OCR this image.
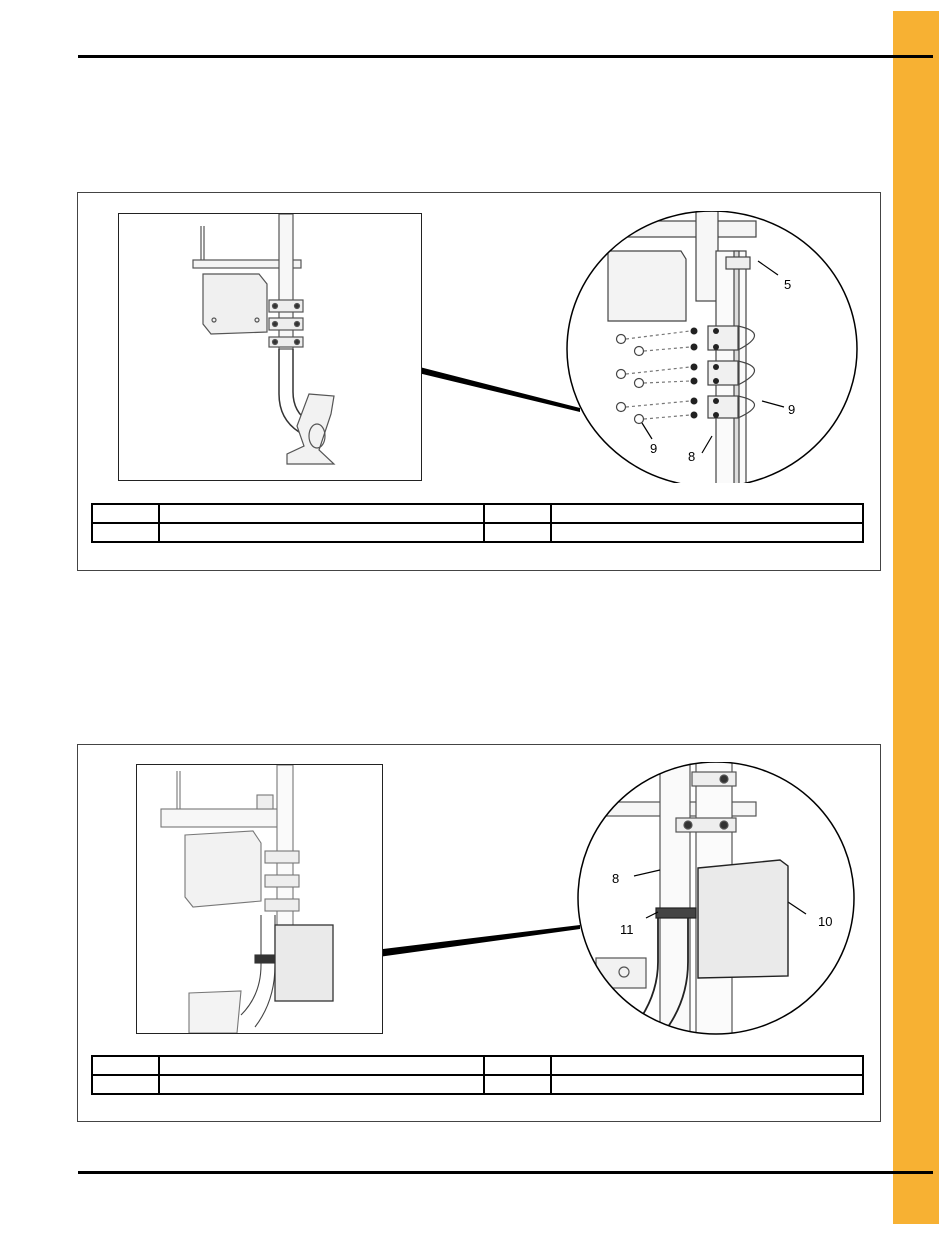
5
9
9
8

8
11
10
